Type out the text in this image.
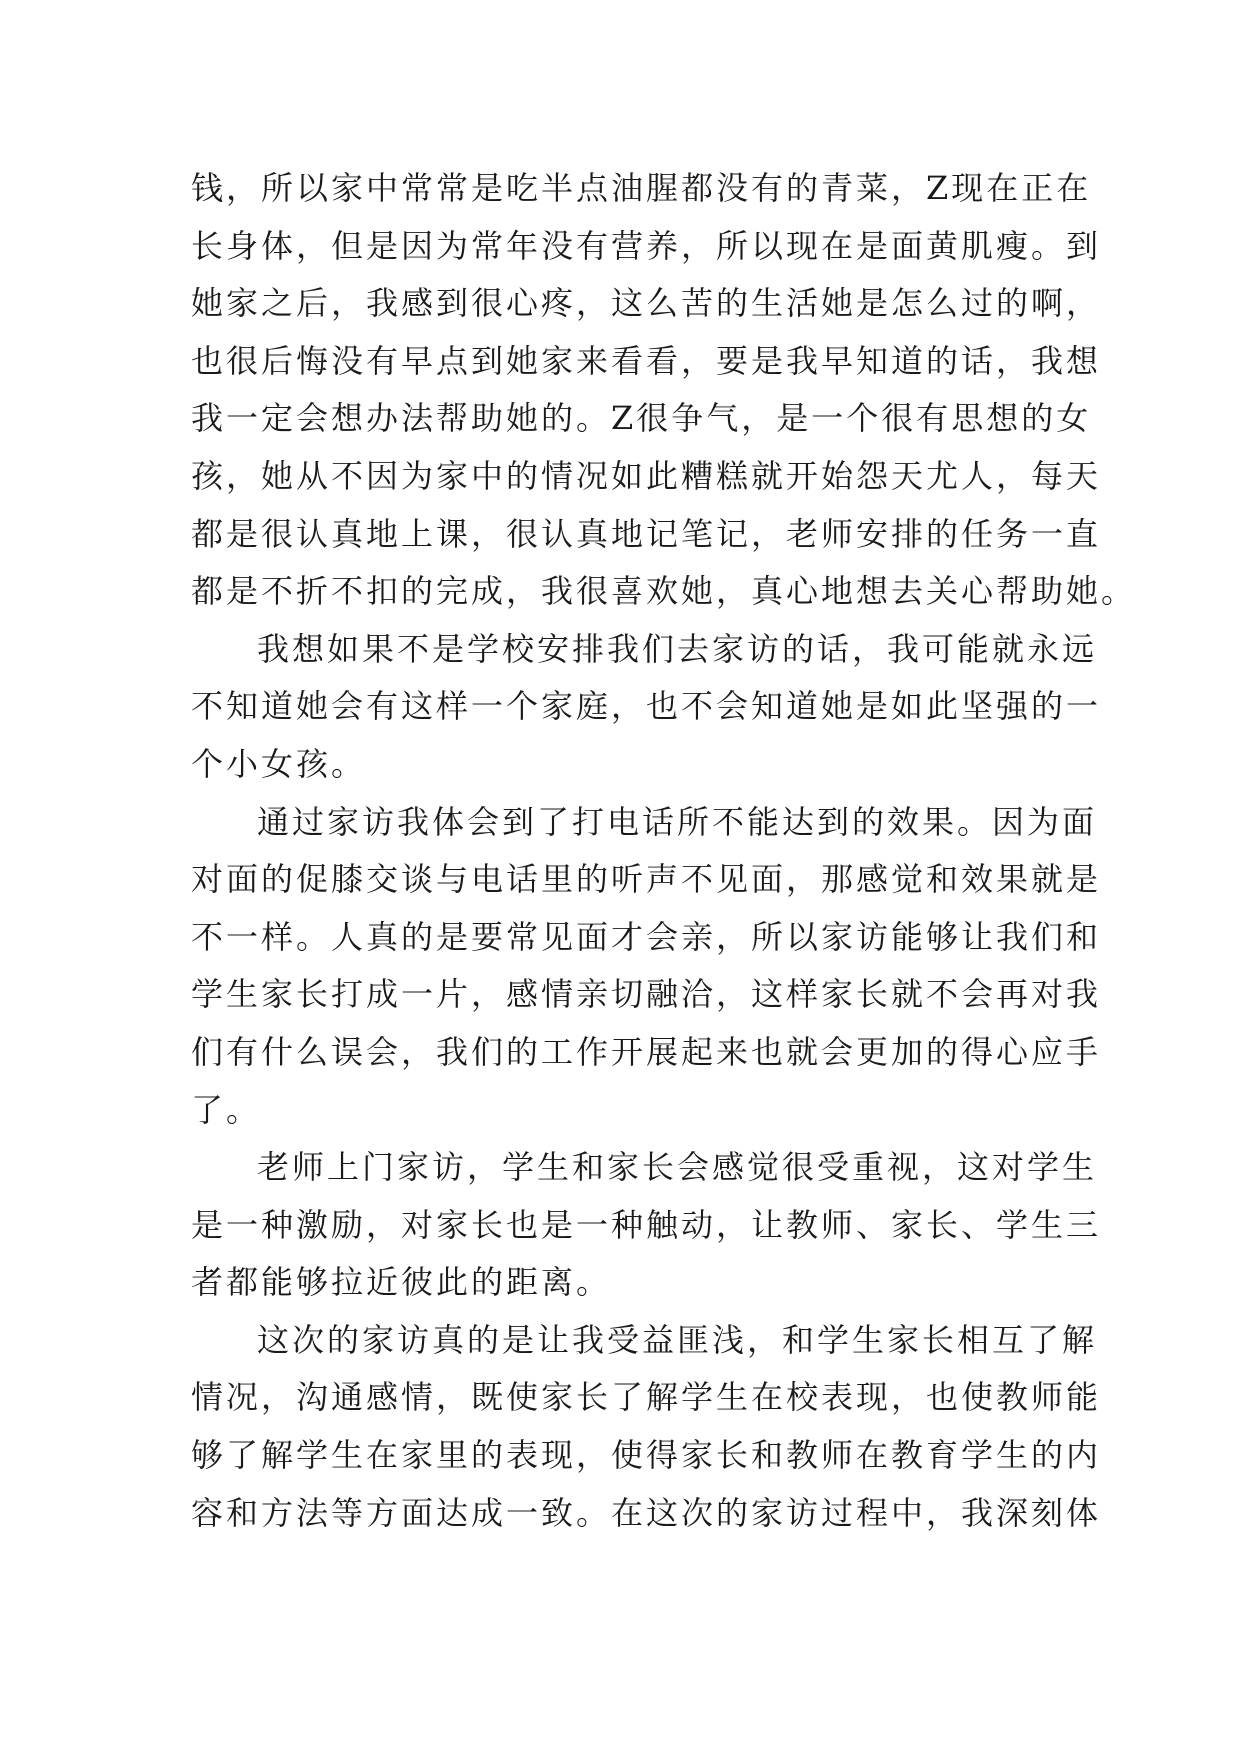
钱，所以家中常常是吃半点油腥都没有的青菜，Z现在正在
长身体，但是因为常年没有营养，所以现在是面黄肌瘦。到
她家之后，我感到很心疼，这么苦的生活她是怎么过的啊，
也很后悔没有早点到她家来看看，要是我早知道的话，我想
我一定会想办法帮助她的。Z很争气，是一个很有思想的女
孩，她从不因为家中的情况如此糟糕就开始怨天尤人，每天
都是很认真地上课，很认真地记笔记，老师安排的任务一直
都是不折不扣的完成，我很喜欢她，真心地想去关心帮助她。
我想如果不是学校安排我们去家访的话，我可能就永远
不知道她会有这样一个家庭，也不会知道她是如此坚强的一
个小女孩。
通过家访我体会到了打电话所不能达到的效果。因为面
对面的促膝交谈与电话里的听声不见面，那感觉和效果就是
不一样。人真的是要常见面才会亲，所以家访能够让我们和
学生家长打成一片，感情亲切融洽，这样家长就不会再对我
们有什么误会，我们的工作开展起来也就会更加的得心应手
了。
老师上门家访，学生和家长会感觉很受重视，这对学生
是一种激励，对家长也是一种触动，让教师、家长、学生三
者都能够拉近彼此的距离。
这次的家访真的是让我受益匪浅，和学生家长相互了解
情况，沟通感情，既使家长了解学生在校表现，也使教师能
够了解学生在家里的表现，使得家长和教师在教育学生的内
容和方法等方面达成一致。在这次的家访过程中，我深刻体
